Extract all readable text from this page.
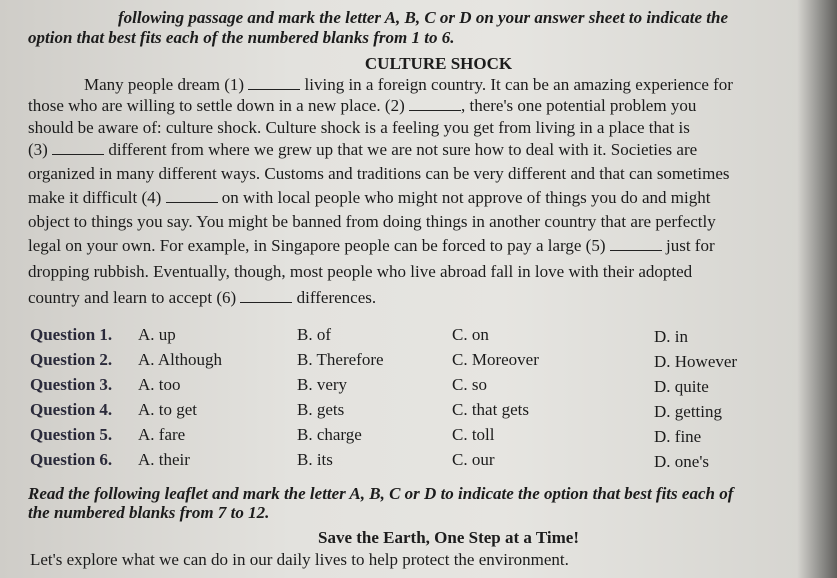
following passage and mark the letter A, B, C or D on your answer sheet to indicate the
option that best fits each of the numbered blanks from 1 to 6.
CULTURE SHOCK
Many people dream (1)	living in a foreign country. It can be an amazing experience for
those who are willing to settle down in a new place. (2)	, there's one potential problem you
should be aware of: culture shock. Culture shock is a feeling you get from living in a place that is
(3)	different from where we grew up that we are not sure how to deal with it. Societies are
organized in many different ways. Customs and traditions can be very different and that can sometimes
make it difficult (4)	on with local people who might not approve of things you do and might
object to things you say. You might be banned from doing things in another country that are perfectly
legal on your own. For example, in Singapore people can be forced to pay a large (5)	just for
dropping rubbish. Eventually, though, most people who live abroad fall in love with their adopted
country and learn to accept (6)	differences.
Question 1. A. up	B. of	C. on	D. in
Question 2. A. Although	B. Therefore	C. Moreover	D. However
Question 3. A. too	B. very	C. so	D. quite
Question 4. A. to get	B. gets	C. that gets	D. getting
Question 5. A. fare	B. charge	C. toll	D. fine
Question 6. A. their	B. its	C. our	D. one's
Read the following leaflet and mark the letter A, B, C or D to indicate the option that best fits each of
the numbered blanks from 7 to 12.
Save the Earth, One Step at a Time!
Let's explore what we can do in our daily lives to help protect the environment.
